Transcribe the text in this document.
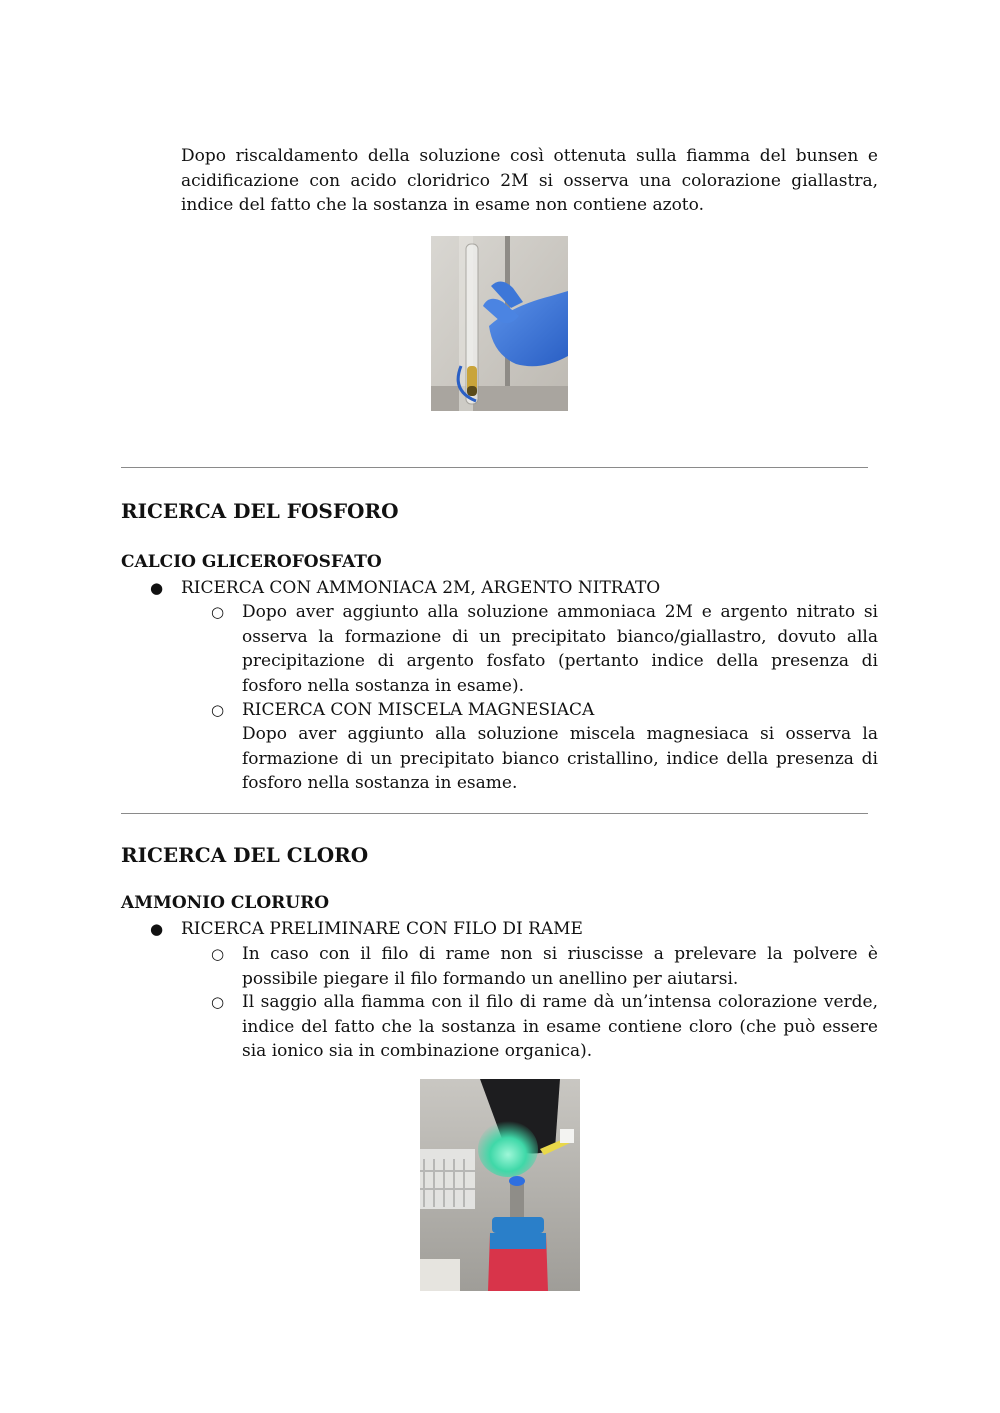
Dopo riscaldamento della soluzione così ottenuta sulla fiamma del bunsen e acidificazione con acido cloridrico 2M si osserva una colorazione giallastra, indice del fatto che la sostanza in esame non contiene azoto.

RICERCA DEL FOSFORO
CALCIO GLICEROFOSFATO
● RICERCA CON AMMONIACA 2M, ARGENTO NITRATO
○ Dopo aver aggiunto alla soluzione ammoniaca 2M e argento nitrato si osserva la formazione di un precipitato bianco/giallastro, dovuto alla precipitazione di argento fosfato (pertanto indice della presenza di fosforo nella sostanza in esame).

○ RICERCA CON MISCELA MAGNESIACA

Dopo aver aggiunto alla soluzione miscela magnesiaca si osserva la formazione di un precipitato bianco cristallino, indice della presenza di fosforo nella sostanza in esame.

RICERCA DEL CLORO
AMMONIO CLORURO
● RICERCA PRELIMINARE CON FILO DI RAME
○ In caso con il filo di rame non si riuscisse a prelevare la polvere è possibile piegare il filo formando un anellino per aiutarsi.

○ Il saggio alla fiamma con il filo di rame dà un’intensa colorazione verde, indice del fatto che la sostanza in esame contiene cloro (che può essere sia ionico sia in combinazione organica).
